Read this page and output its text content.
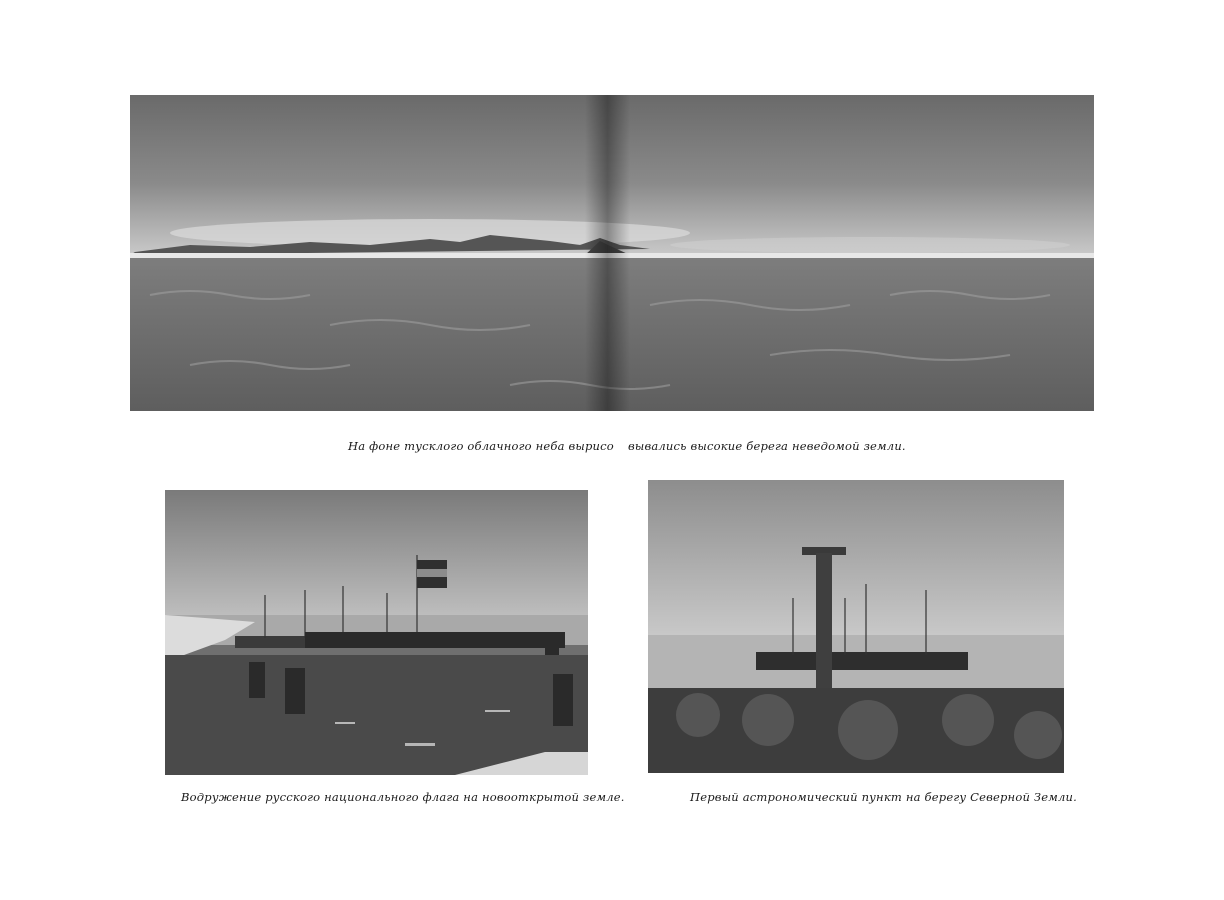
На фоне тусклого облачного неба вырисо вывались высокие берега неведомой земли.
Водружение русского национального флага на новооткрытой земле.	Первый астрономический пункт на берегу Северной Земли.
